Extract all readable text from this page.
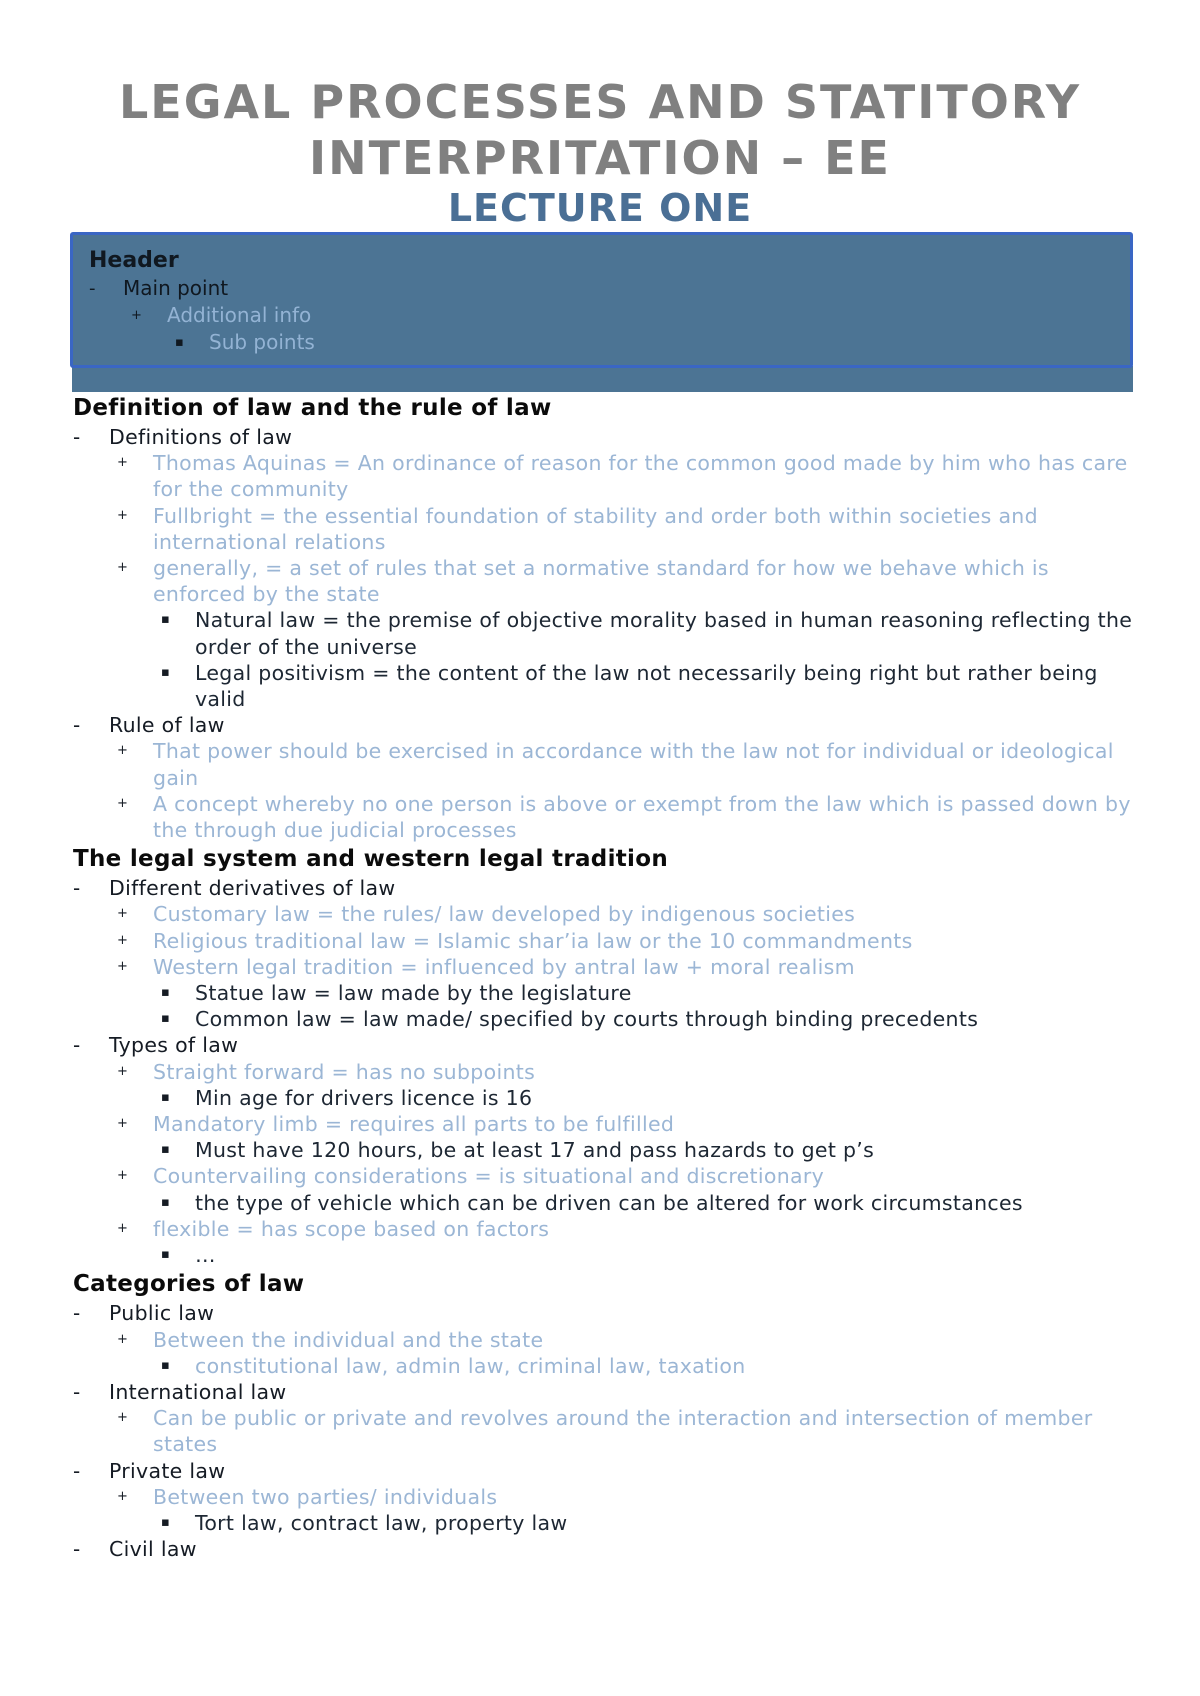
LEGAL PROCESSES AND STATITORY
INTERPRITATION – EE
LECTURE ONE
Header
- Main point
+ Additional info
▪ Sub points
Definition of law and the rule of law
- Definitions of law
+ Thomas Aquinas = An ordinance of reason for the common good made by him who has care for the community
+ Fullbright = the essential foundation of stability and order both within societies and international relations
+ generally, = a set of rules that set a normative standard for how we behave which is enforced by the state
▪ Natural law = the premise of objective morality based in human reasoning reflecting the order of the universe
▪ Legal positivism = the content of the law not necessarily being right but rather being valid
- Rule of law
+ That power should be exercised in accordance with the law not for individual or ideological gain
+ A concept whereby no one person is above or exempt from the law which is passed down by the through due judicial processes
The legal system and western legal tradition
- Different derivatives of law
+ Customary law = the rules/ law developed by indigenous societies
+ Religious traditional law = Islamic shar’ia law or the 10 commandments
+ Western legal tradition = influenced by antral law + moral realism
▪ Statue law = law made by the legislature
▪ Common law = law made/ specified by courts through binding precedents
- Types of law
+ Straight forward = has no subpoints
▪ Min age for drivers licence is 16
+ Mandatory limb = requires all parts to be fulfilled
▪ Must have 120 hours, be at least 17 and pass hazards to get p’s
+ Countervailing considerations = is situational and discretionary
▪ the type of vehicle which can be driven can be altered for work circumstances
+ flexible = has scope based on factors
▪ …
Categories of law
- Public law
+ Between the individual and the state
▪ constitutional law, admin law, criminal law, taxation
- International law
+ Can be public or private and revolves around the interaction and intersection of member states
- Private law
+ Between two parties/ individuals
▪ Tort law, contract law, property law
- Civil law
